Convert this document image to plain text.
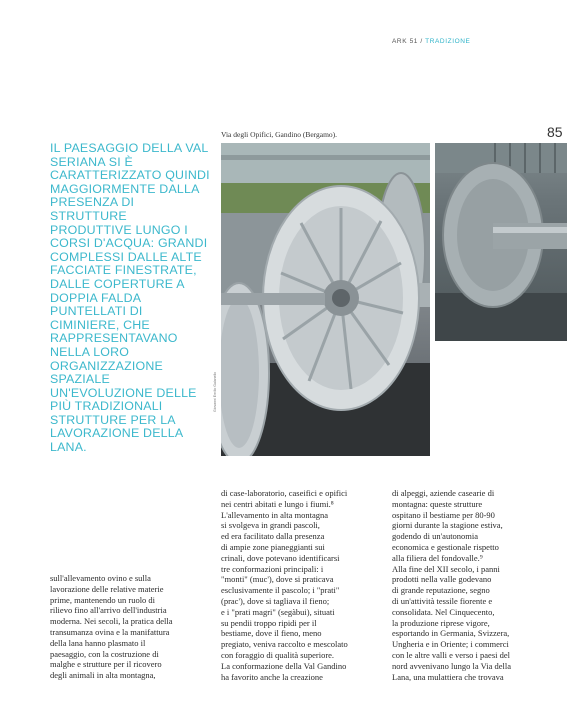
ARK 51 / TRADIZIONE
85
Via degli Opifici, Gandino (Bergamo).

IL PAESAGGIO DELLA VAL SERIANA SI È CARATTERIZZATO QUINDI MAGGIORMENTE DALLA PRESENZA DI STRUTTURE PRODUTTIVE LUNGO I CORSI D'ACQUA: GRANDI COMPLESSI DALLE ALTE FACCIATE FINESTRATE, DALLE COPERTURE A DOPPIA FALDA PUNTELLATI DI CIMINIERE, CHE RAPPRESENTAVANO NELLA LORO ORGANIZZAZIONE SPAZIALE UN'EVOLUZIONE DELLE PIÙ TRADIZIONALI STRUTTURE PER LA LAVORAZIONE DELLA LANA.

Giovanni Emilio Galanello

sull'allevamento ovino e sulla
lavorazione delle relative materie
prime, mantenendo un ruolo di
rilievo fino all'arrivo dell'industria
moderna. Nei secoli, la pratica della
transumanza ovina e la manifattura
della lana hanno plasmato il
paesaggio, con la costruzione di
malghe e strutture per il ricovero
degli animali in alta montagna,

di case-laboratorio, caseifici e opifici
nei centri abitati e lungo i fiumi.⁸
L'allevamento in alta montagna
si svolgeva in grandi pascoli,
ed era facilitato dalla presenza
di ampie zone pianeggianti sui
crinali, dove potevano identificarsi
tre conformazioni principali: i
"monti" (muc'), dove si praticava
esclusivamente il pascolo; i "prati"
(prac'), dove si tagliava il fieno;
e i "prati magri" (segàbui), situati
su pendii troppo ripidi per il
bestiame, dove il fieno, meno
pregiato, veniva raccolto e mescolato
con foraggio di qualità superiore.
La conformazione della Val Gandino
ha favorito anche la creazione

di alpeggi, aziende casearie di
montagna: queste strutture
ospitano il bestiame per 80-90
giorni durante la stagione estiva,
godendo di un'autonomia
economica e gestionale rispetto
alla filiera del fondovalle.⁹
Alla fine del XII secolo, i panni
prodotti nella valle godevano
di grande reputazione, segno
di un'attività tessile fiorente e
consolidata. Nel Cinquecento,
la produzione riprese vigore,
esportando in Germania, Svizzera,
Ungheria e in Oriente; i commerci
con le altre valli e verso i paesi del
nord avvenivano lungo la Via della
Lana, una mulattiera che trovava
